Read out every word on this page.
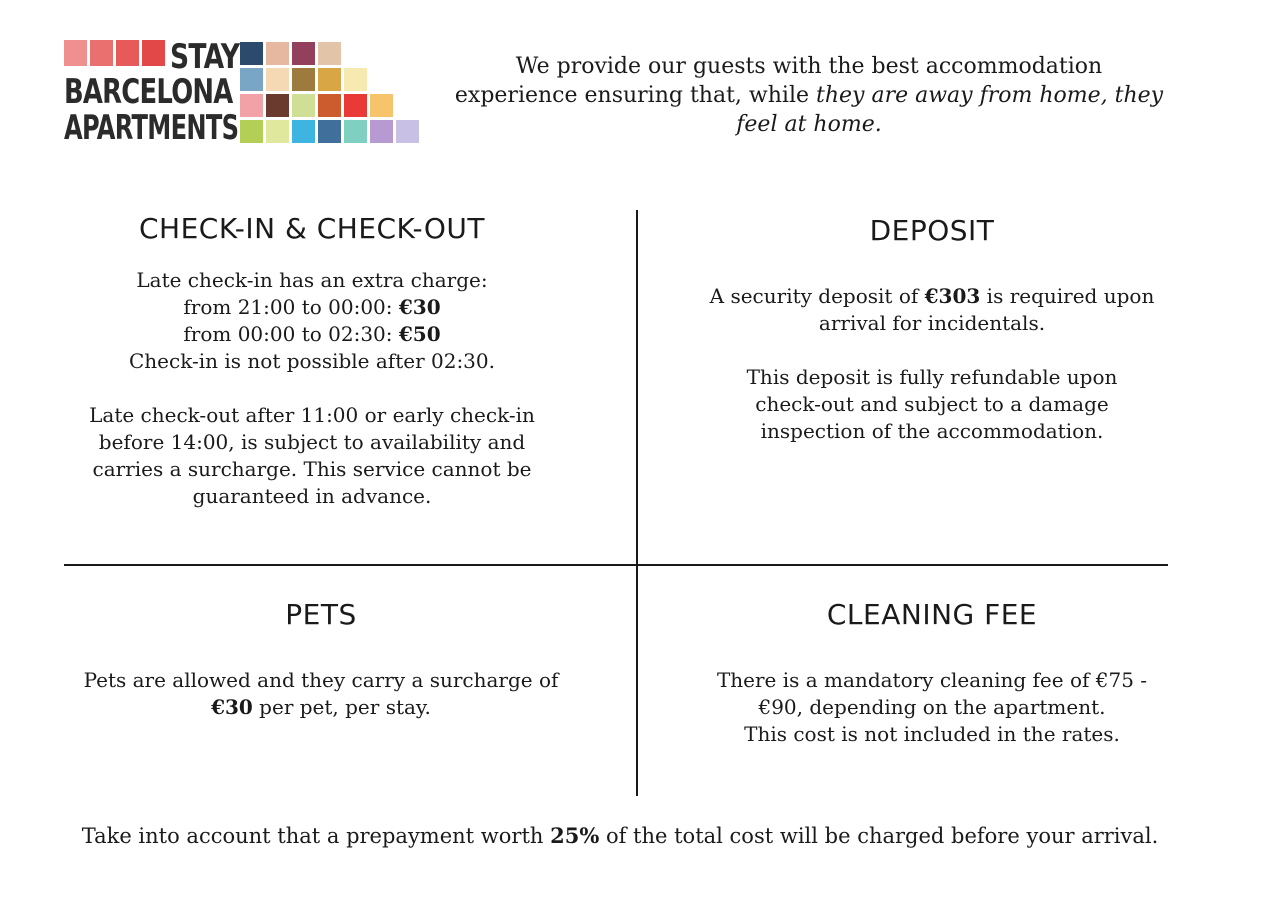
STAY
BARCELONA
APARTMENTS
We provide our guests with the best accommodation
experience ensuring that, while they are away from home, they
feel at home.
CHECK-IN & CHECK-OUT

Late check-in has an extra charge:

from 21:00 to 00:00: €30

from 00:00 to 02:30: €50

Check-in is not possible after 02:30.

Late check-out after 11:00 or early check-in

before 14:00, is subject to availability and

carries a surcharge. This service cannot be

guaranteed in advance.

DEPOSIT

A security deposit of €303 is required upon

arrival for incidentals.

This deposit is fully refundable upon

check-out and subject to a damage

inspection of the accommodation.

PETS

Pets are allowed and they carry a surcharge of

€30 per pet, per stay.

CLEANING FEE

There is a mandatory cleaning fee of €75 -

€90, depending on the apartment.

This cost is not included in the rates.

Take into account that a prepayment worth 25% of the total cost will be charged before your arrival.
